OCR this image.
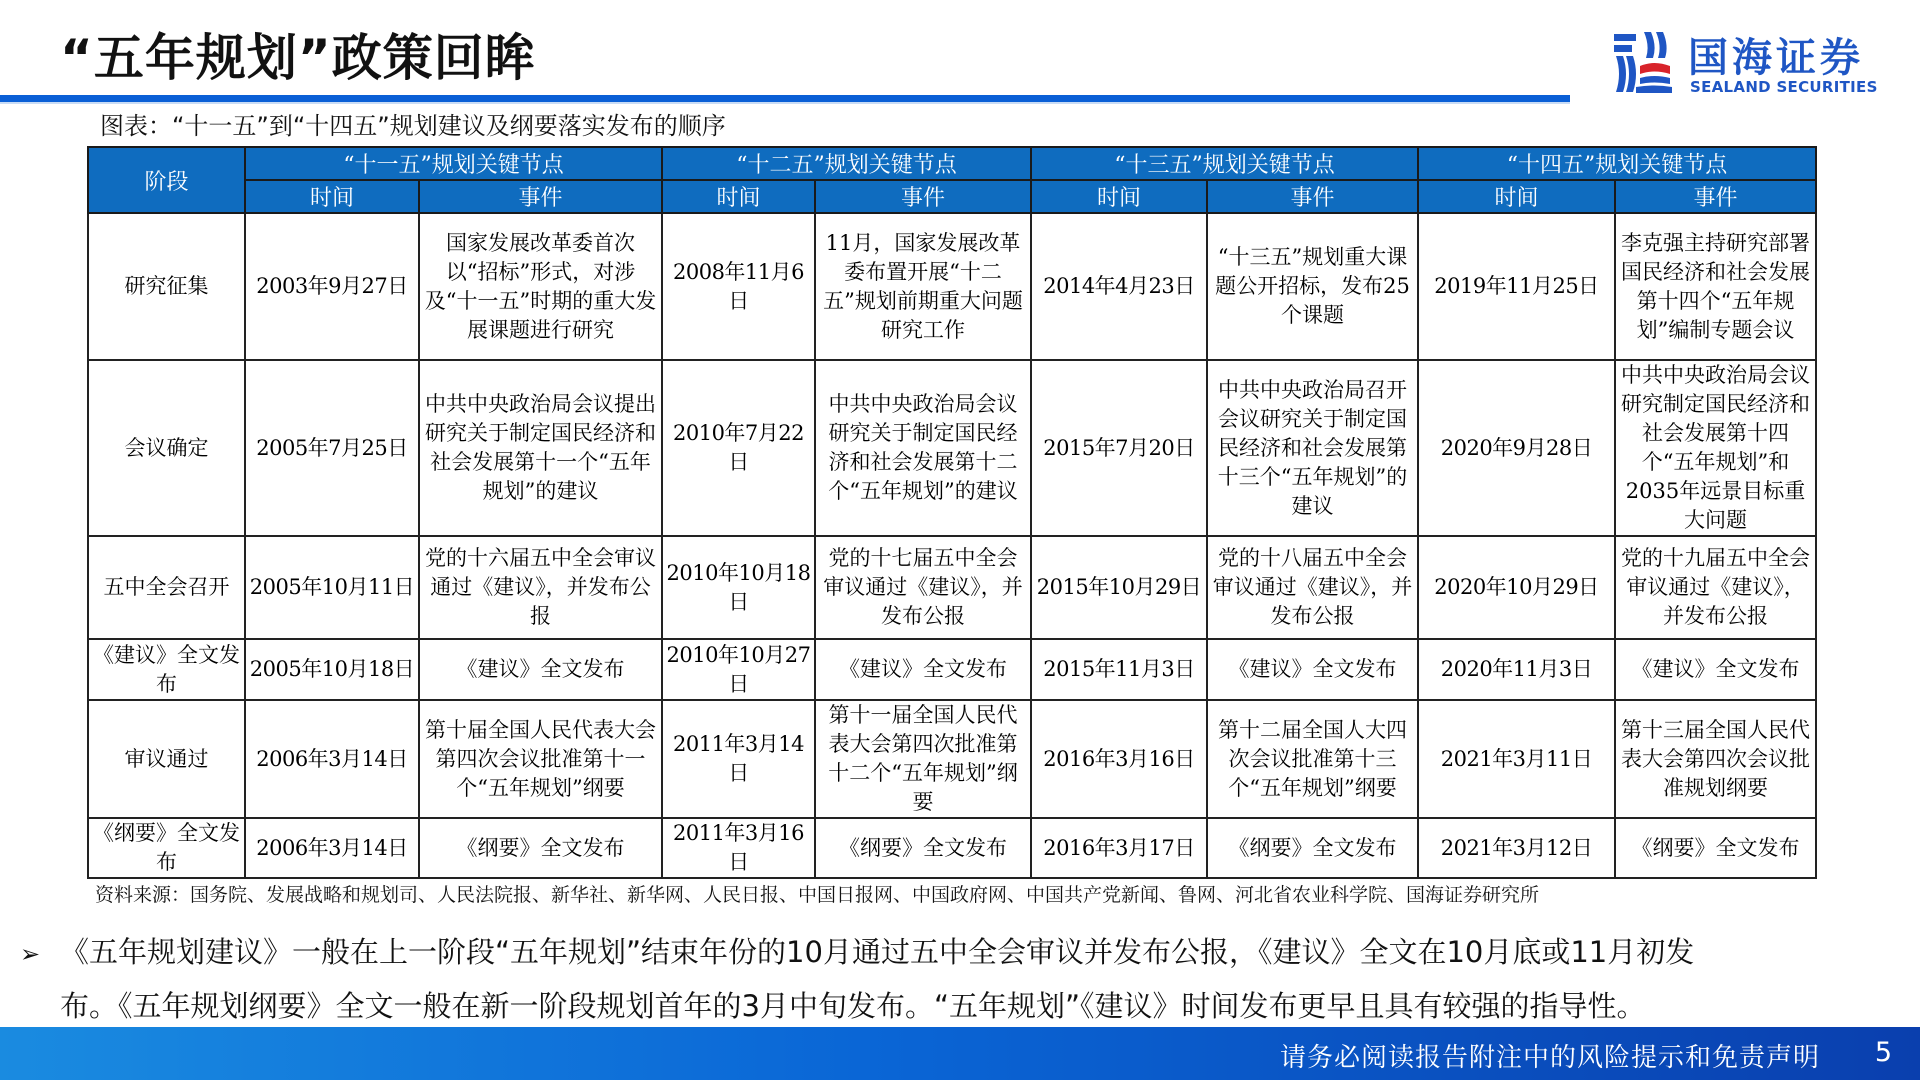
“五年规划”政策回眸	国海证券
SEALAND SECURITIES
图表：“十一五”到“十四五”规划建议及纲要落实发布的顺序
阶段	“十一五”规划关键节点		“十二五”规划关键节点		“十三五”规划关键节点		“十四五”规划关键节点	
	时间	事件	时间	事件	时间	事件	时间	事件
研究征集	2003年9月27日	国家发展改革委首次以“招标”形式，对涉及“十一五”时期的重大发展课题进行研究	2008年11月6日	11月，国家发展改革委布置开展“十二五”规划前期重大问题研究工作	2014年4月23日	“十三五”规划重大课题公开招标，发布25个课题	2019年11月25日	李克强主持研究部署国民经济和社会发展第十四个“五年规划”编制专题会议
会议确定	2005年7月25日	中共中央政治局会议提出研究关于制定国民经济和社会发展第十一个“五年规划”的建议	2010年7月22日	中共中央政治局会议研究关于制定国民经济和社会发展第十二个“五年规划”的建议	2015年7月20日	中共中央政治局召开会议研究关于制定国民经济和社会发展第十三个“五年规划”的建议	2020年9月28日	中共中央政治局会议研究制定国民经济和社会发展第十四个“五年规划”和2035年远景目标重大问题
五中全会召开	2005年10月11日	党的十六届五中全会审议通过《建议》，并发布公报	2010年10月18日	党的十七届五中全会审议通过《建议》，并发布公报	2015年10月29日	党的十八届五中全会审议通过《建议》，并发布公报	2020年10月29日	党的十九届五中全会审议通过《建议》，并发布公报
《建议》全文发布	2005年10月18日	《建议》全文发布	2010年10月27日	《建议》全文发布	2015年11月3日	《建议》全文发布	2020年11月3日	《建议》全文发布
审议通过	2006年3月14日	第十届全国人民代表大会第四次会议批准第十一个“五年规划”纲要	2011年3月14日	第十一届全国人民代表大会第四次批准第十二个“五年规划”纲要	2016年3月16日	第十二届全国人大四次会议批准第十三个“五年规划”纲要	2021年3月11日	第十三届全国人民代表大会第四次会议批准规划纲要
《纲要》全文发布	2006年3月14日	《纲要》全文发布	2011年3月16日	《纲要》全文发布	2016年3月17日	《纲要》全文发布	2021年3月12日	《纲要》全文发布
资料来源：国务院、发展战略和规划司、人民法院报、新华社、新华网、人民日报、中国日报网、中国政府网、中国共产党新闻、鲁网、河北省农业科学院、国海证券研究所
➢ 《五年规划建议》一般在上一阶段“五年规划”结束年份的10月通过五中全会审议并发布公报，《建议》全文在10月底或11月初发
布。《五年规划纲要》全文一般在新一阶段规划首年的3月中旬发布。“五年规划”《建议》时间发布更早且具有较强的指导性。
请务必阅读报告附注中的风险提示和免责声明 5
